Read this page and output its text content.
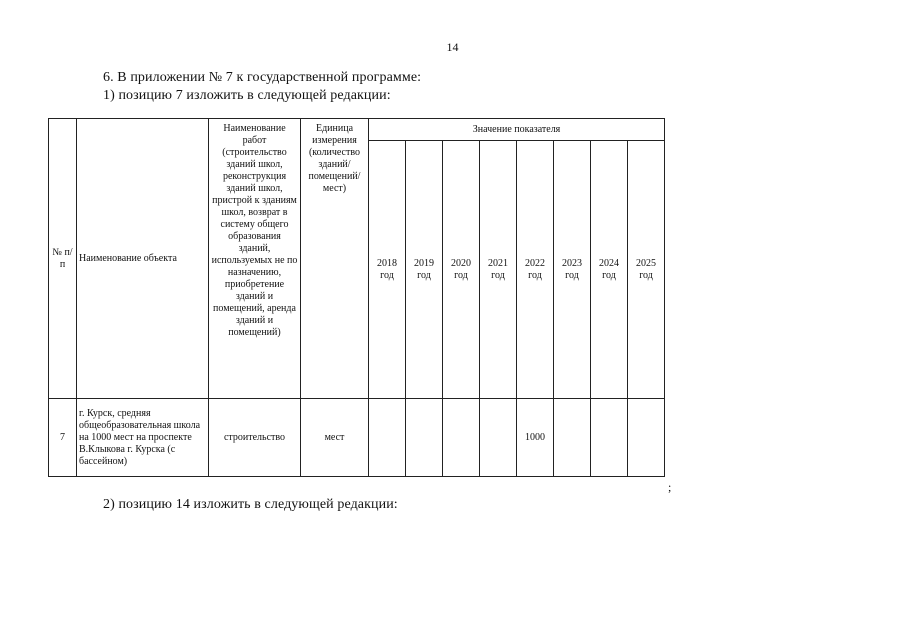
14
6. В приложении № 7 к государственной программе:
1) позицию 7 изложить в следующей редакции:
№ п/п	Наименование объекта	Наименование работ (строительство зданий школ, реконструкция зданий школ, пристрой к зданиям школ, возврат в систему общего образования зданий, используемых не по назначению, приобретение зданий и помещений, аренда зданий и помещений)	Единица измерения (количество зданий/ помещений/ мест)	Значение показателя							
				2018 год	2019 год	2020 год	2021 год	2022 год	2023 год	2024 год	2025 год
7	г. Курск, средняя общеобразовательная школа на 1000 мест на проспекте В.Клыкова г. Курска (с бассейном)	строительство	мест					1000			
;
2) позицию 14 изложить в следующей редакции:
